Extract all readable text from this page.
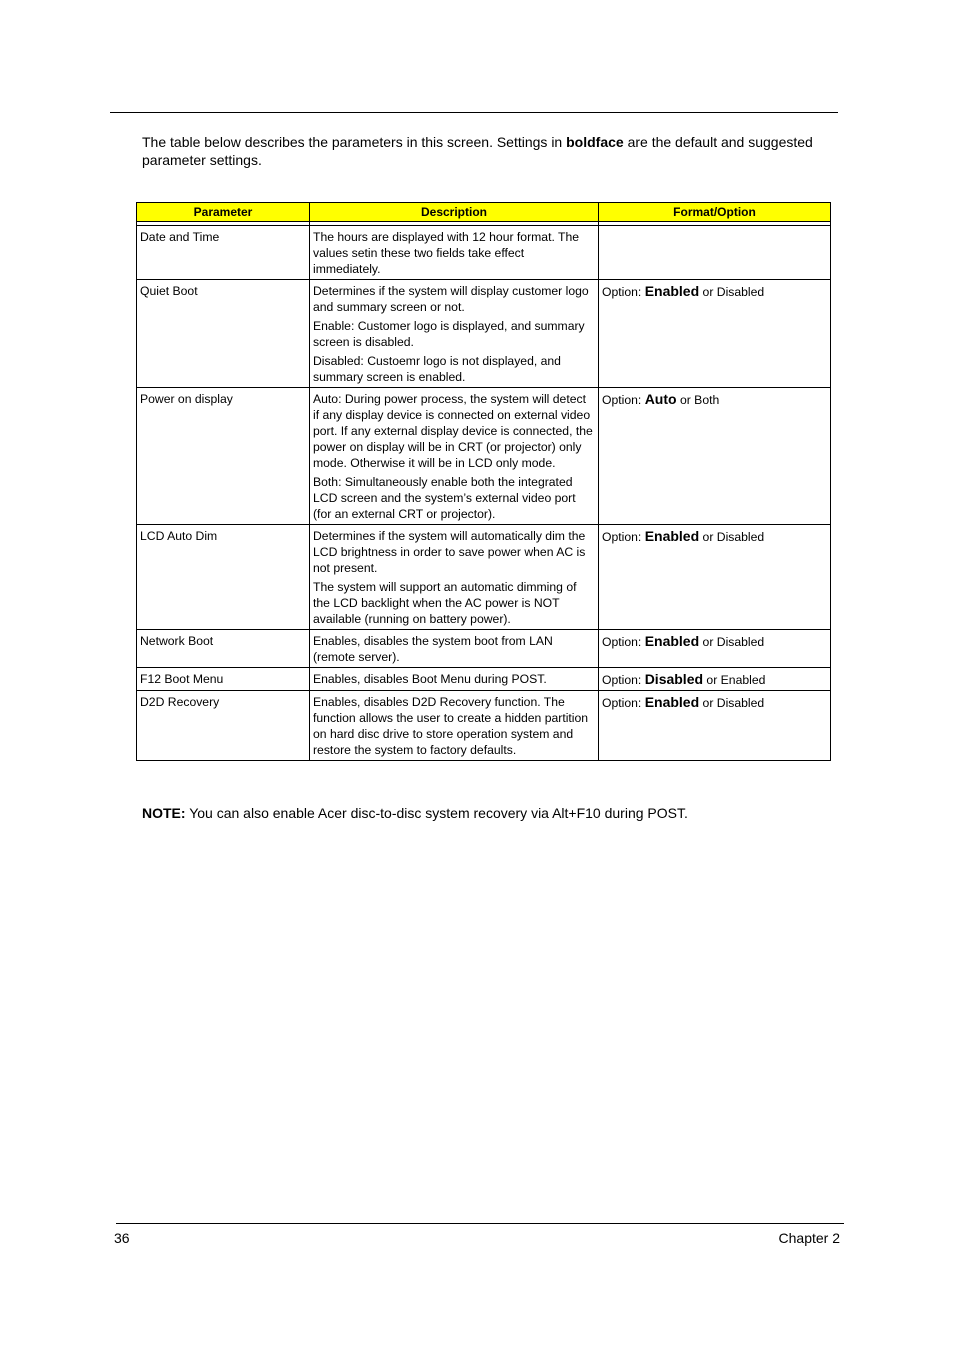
The table below describes the parameters in this screen. Settings in boldface are the default and suggested parameter settings.
Parameter	Description	Format/Option

Date and Time	The hours are displayed with 12 hour format. The values setin these two fields take effect immediately.	

Quiet Boot	Determines if the system will display customer logo and summary screen or not.

Enable: Customer logo is displayed, and summary screen is disabled.

Disabled: Custoemr logo is not displayed, and summary screen is enabled.	Option: Enabled or Disabled
Power on display	Auto: During power process, the system will detect if any display device is connected on external video port. If any external display device is connected, the power on display will be in CRT (or projector) only mode. Otherwise it will be in LCD only mode.

Both: Simultaneously enable both the integrated LCD screen and the system’s external video port (for an external CRT or projector).	Option: Auto or Both
LCD Auto Dim	Determines if the system will automatically dim the LCD brightness in order to save power when AC is not present.

The system will support an automatic dimming of the LCD backlight when the AC power is NOT available (running on battery power).	Option: Enabled or Disabled
Network Boot	Enables, disables the system boot from LAN (remote server).	Option: Enabled or Disabled
F12 Boot Menu	Enables, disables Boot Menu during POST.	Option: Disabled or Enabled
D2D Recovery	Enables, disables D2D Recovery function. The function allows the user to create a hidden partition on hard disc drive to store operation system and restore the system to factory defaults.	Option: Enabled or Disabled
NOTE: You can also enable Acer disc-to-disc system recovery via Alt+F10 during POST.
36	Chapter 2
